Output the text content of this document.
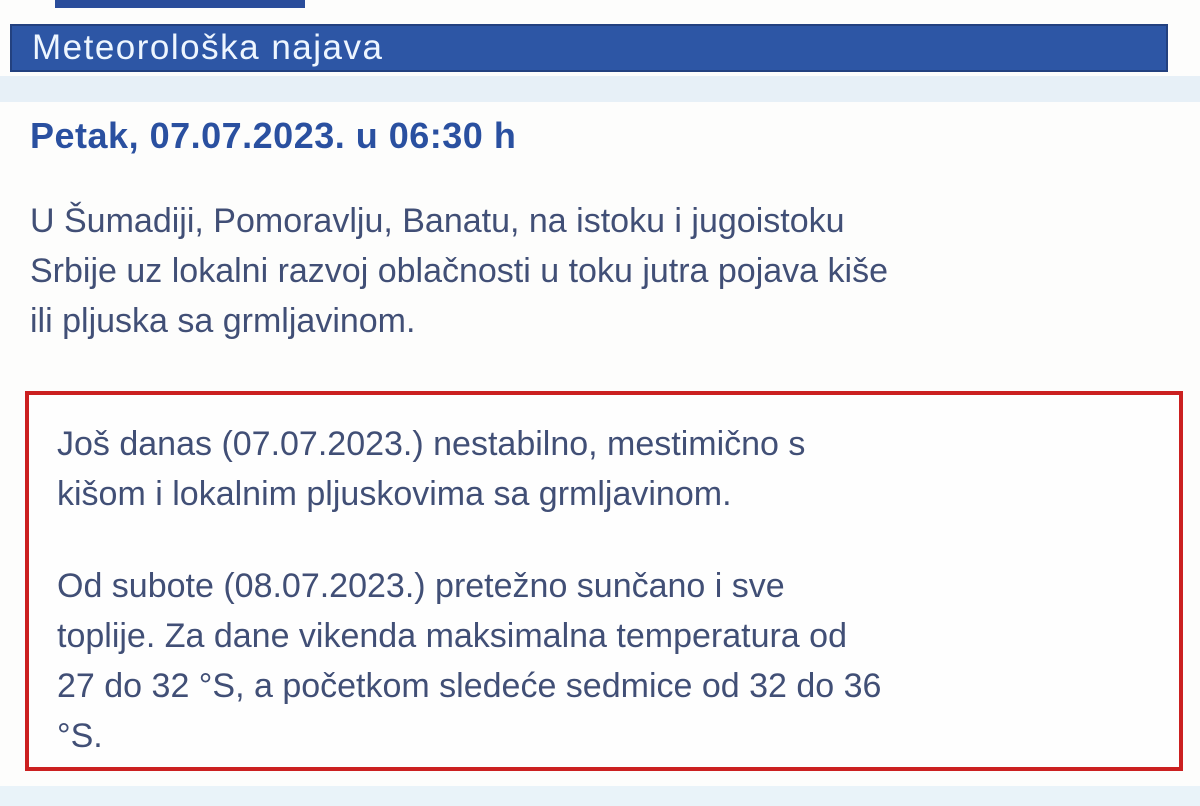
Meteorološka najava
Petak, 07.07.2023. u 06:30 h
U Šumadiji, Pomoravlju, Banatu, na istoku i jugoistoku
Srbije uz lokalni razvoj oblačnosti u toku jutra pojava kiše
ili pljuska sa grmljavinom.
Još danas (07.07.2023.) nestabilno, mestimično s
kišom i lokalnim pljuskovima sa grmljavinom.
Od subote (08.07.2023.) pretežno sunčano i sve
toplije. Za dane vikenda maksimalna temperatura od
27 do 32 °S, a početkom sledeće sedmice od 32 do 36
°S.
